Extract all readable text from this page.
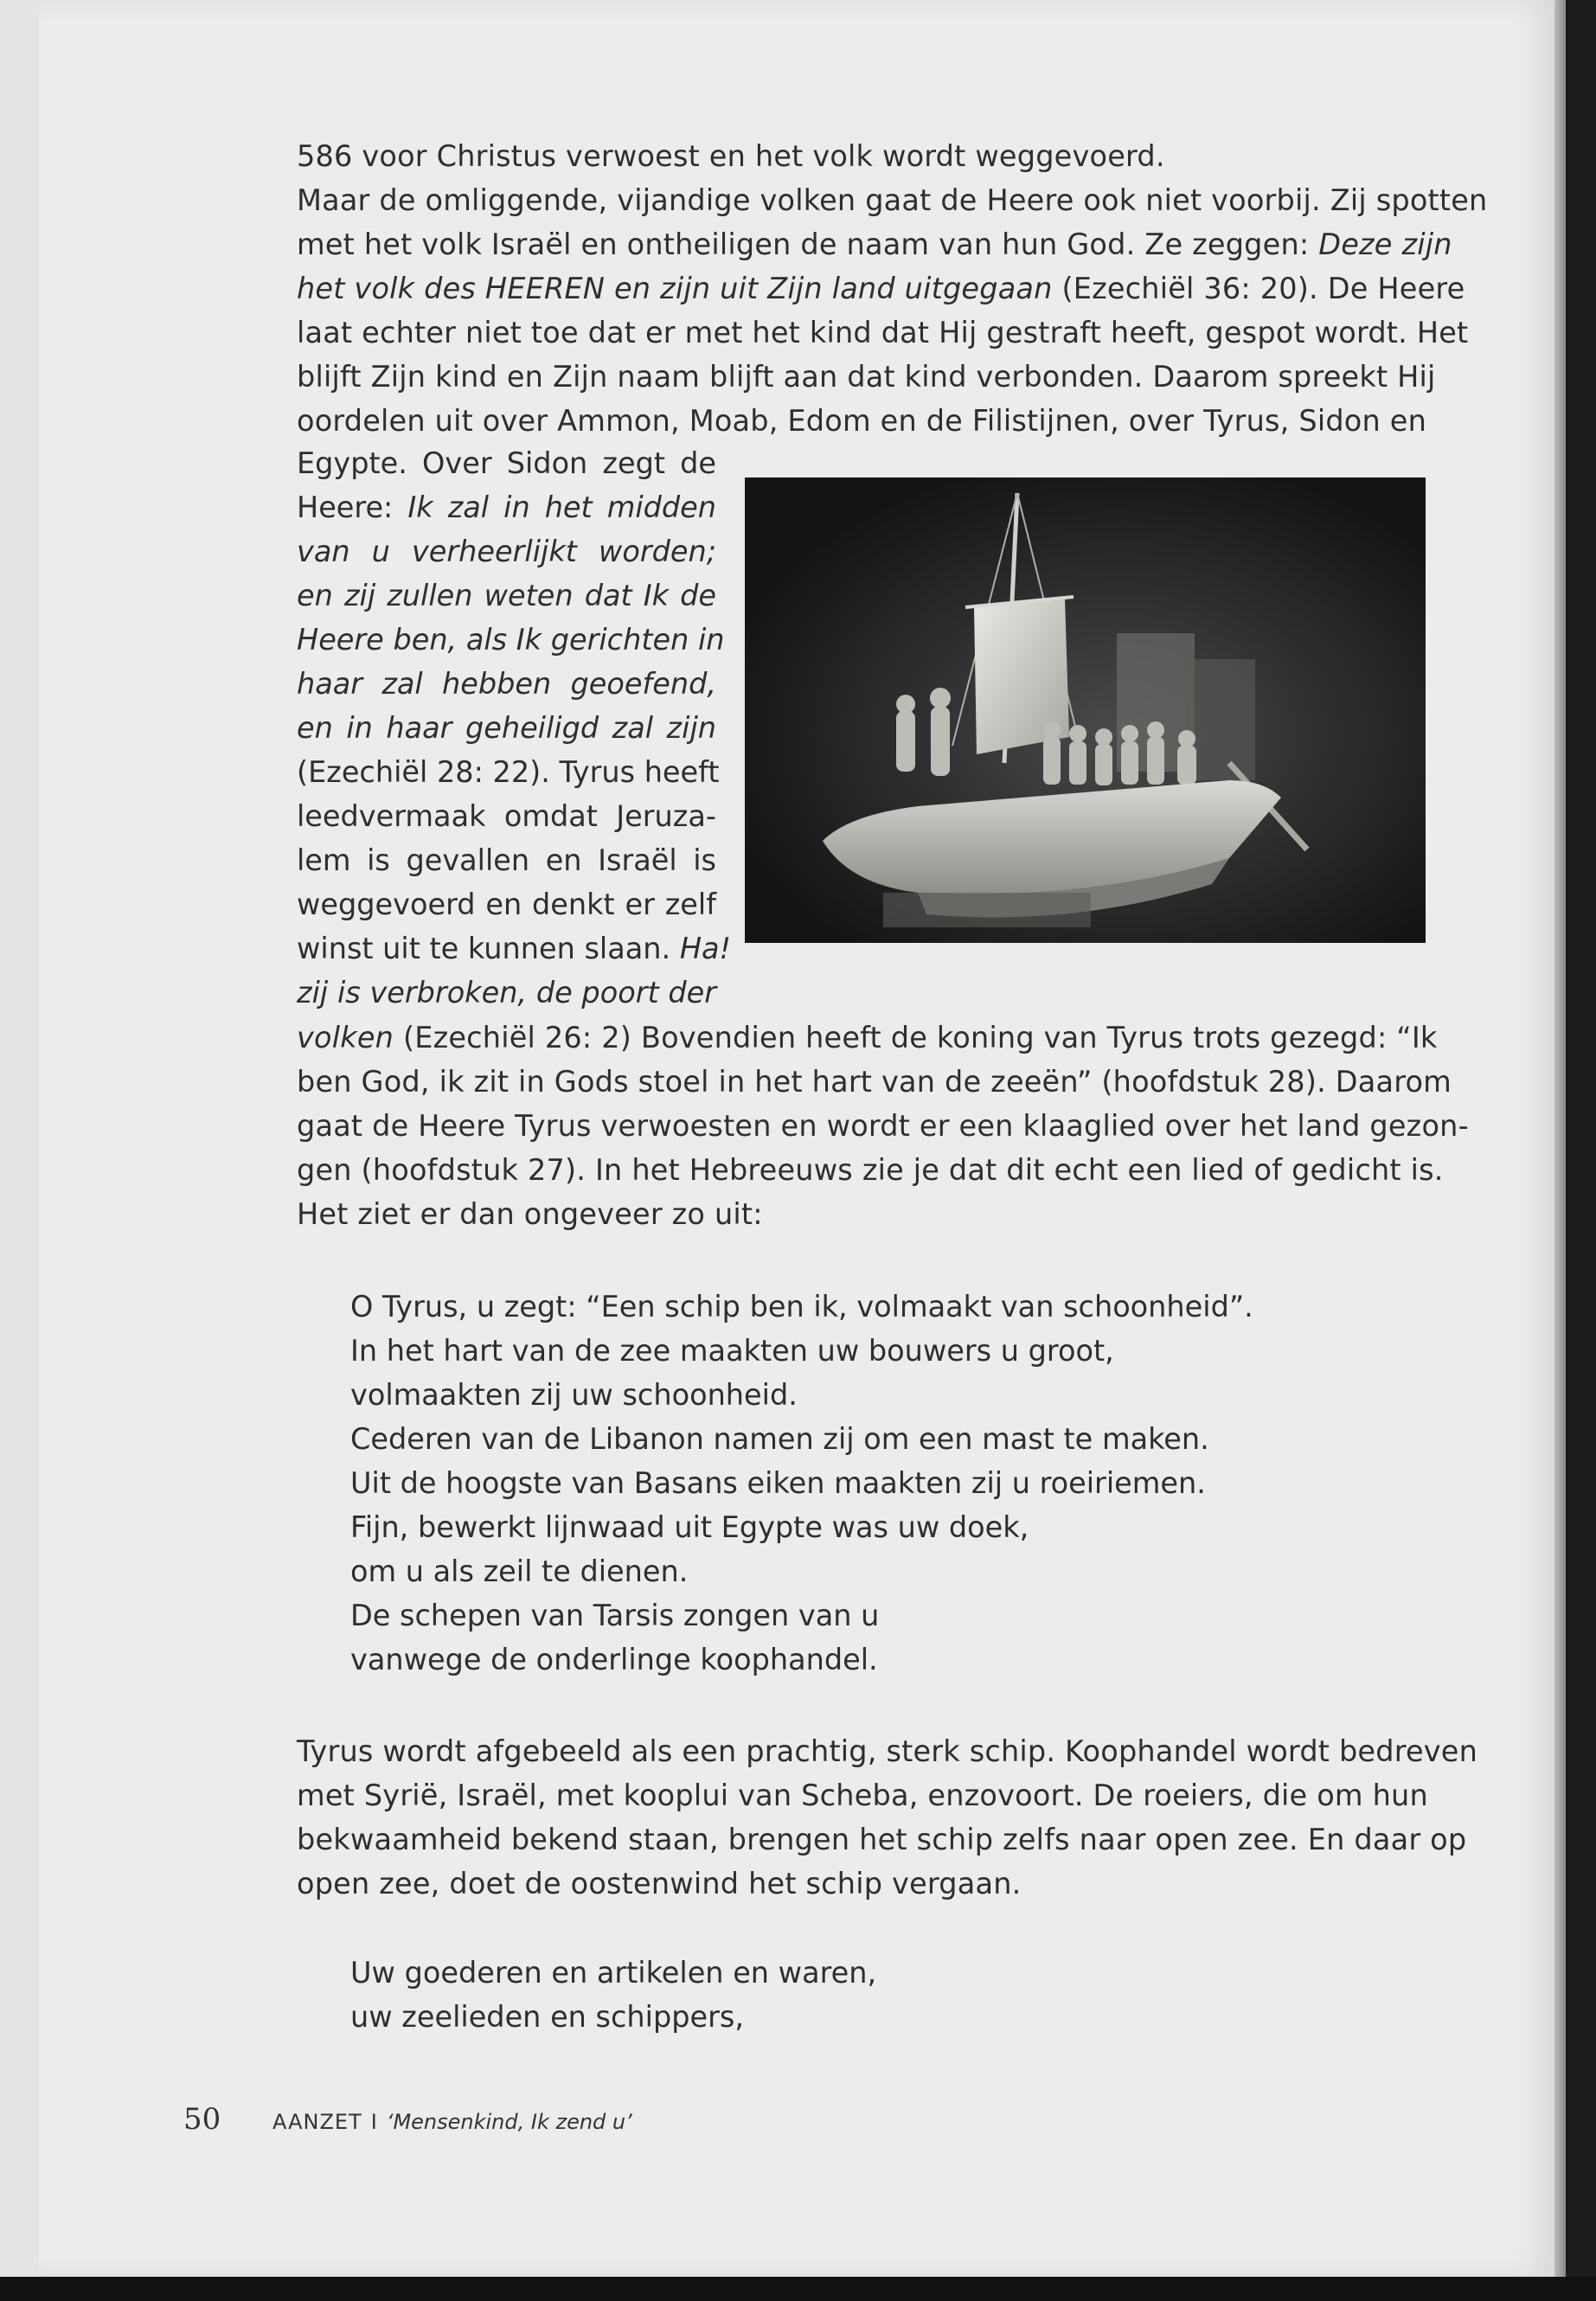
586 voor Christus verwoest en het volk wordt weggevoerd.
Maar de omliggende, vijandige volken gaat de Heere ook niet voorbij. Zij spotten
met het volk Israël en ontheiligen de naam van hun God. Ze zeggen: Deze zijn
het volk des HEEREN en zijn uit Zijn land uitgegaan (Ezechiël 36: 20). De Heere
laat echter niet toe dat er met het kind dat Hij gestraft heeft, gespot wordt. Het
blijft Zijn kind en Zijn naam blijft aan dat kind verbonden. Daarom spreekt Hij
oordelen uit over Ammon, Moab, Edom en de Filistijnen, over Tyrus, Sidon en
Egypte. Over Sidon zegt de
Heere: Ik zal in het midden
van u verheerlijkt worden;
en zij zullen weten dat Ik de
Heere ben, als Ik gerichten in
haar zal hebben geoefend,
en in haar geheiligd zal zijn
(Ezechiël 28: 22). Tyrus heeft
leedvermaak omdat Jeruza-
lem is gevallen en Israël is
weggevoerd en denkt er zelf
winst uit te kunnen slaan. Ha!
zij is verbroken, de poort der
volken (Ezechiël 26: 2) Bovendien heeft de koning van Tyrus trots gezegd: “Ik
ben God, ik zit in Gods stoel in het hart van de zeeën” (hoofdstuk 28). Daarom
gaat de Heere Tyrus verwoesten en wordt er een klaaglied over het land gezon-
gen (hoofdstuk 27). In het Hebreeuws zie je dat dit echt een lied of gedicht is.
Het ziet er dan ongeveer zo uit:
O Tyrus, u zegt: “Een schip ben ik, volmaakt van schoonheid”.
In het hart van de zee maakten uw bouwers u groot,
volmaakten zij uw schoonheid.
Cederen van de Libanon namen zij om een mast te maken.
Uit de hoogste van Basans eiken maakten zij u roeiriemen.
Fijn, bewerkt lijnwaad uit Egypte was uw doek,
om u als zeil te dienen.
De schepen van Tarsis zongen van u
vanwege de onderlinge koophandel.
Tyrus wordt afgebeeld als een prachtig, sterk schip. Koophandel wordt bedreven
met Syrië, Israël, met kooplui van Scheba, enzovoort. De roeiers, die om hun
bekwaamheid bekend staan, brengen het schip zelfs naar open zee. En daar op
open zee, doet de oostenwind het schip vergaan.
Uw goederen en artikelen en waren,
uw zeelieden en schippers,
50	AANZET I ‘Mensenkind, Ik zend u’
